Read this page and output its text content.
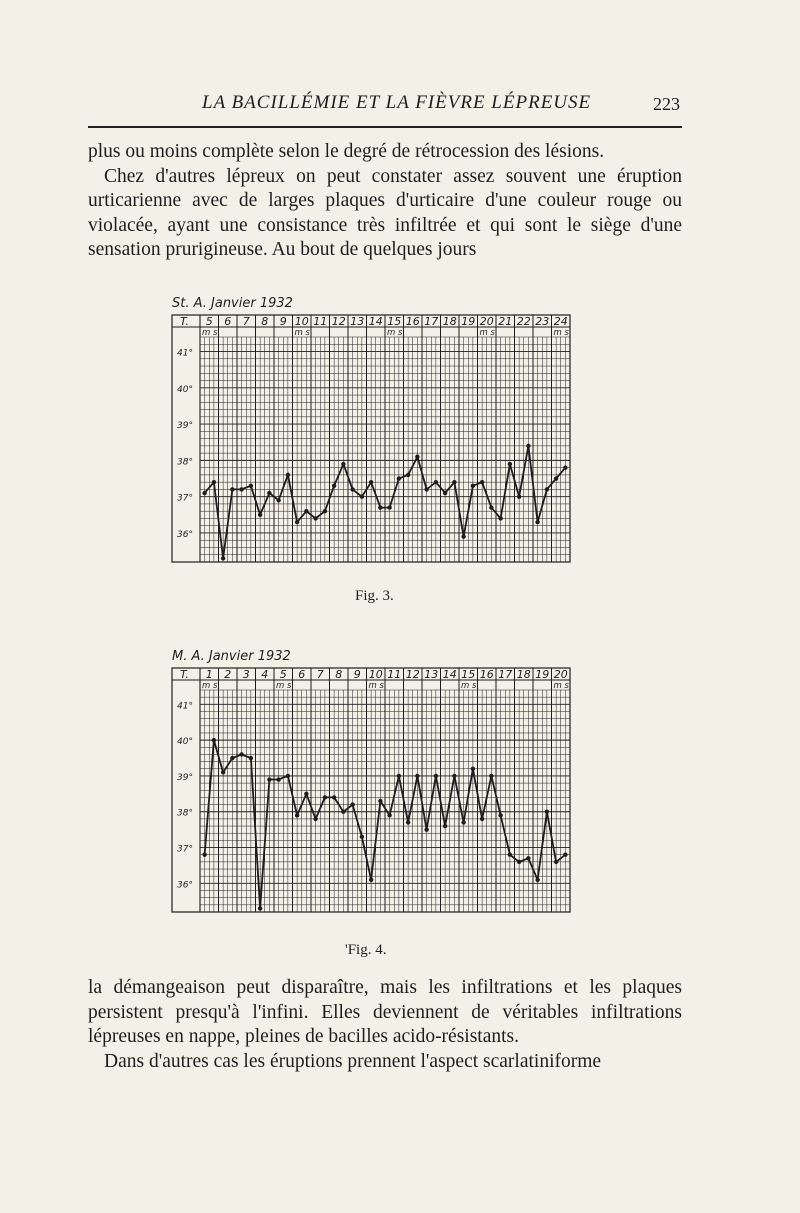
LA BACILLÉMIE ET LA FIÈVRE LÉPREUSE	223

plus ou moins complète selon le degré de rétrocession des lésions.

Chez d'autres lépreux on peut constater assez souvent une éruption urticarienne avec de larges plaques d'urticaire d'une couleur rouge ou violacée, ayant une consistance très infiltrée et qui sont le siège d'une sensation prurigineuse. Au bout de quelques jours

St. A. Janvier 1932
T.
41°
40°
39°
38°
37°
36°
5 6 7 8 9 10 11 12 13 14 15 16 17 18 19 20 21 22 23 24
m s	m s	m s	m s	m s
M. A. Janvier 1932
T.
41°
40°
39°
38°
37°
36°
1 2 3 4 5 6 7 8 9 10 11 12 13 14 15 16 17 18 19 20
m s	m s	m s	m s	m s
Fig. 3.
'Fig. 4.

la démangeaison peut disparaître, mais les infiltrations et les plaques persistent presqu'à l'infini. Elles deviennent de véritables infiltrations lépreuses en nappe, pleines de bacilles acido-résistants.

Dans d'autres cas les éruptions prennent l'aspect scarlatiniforme
